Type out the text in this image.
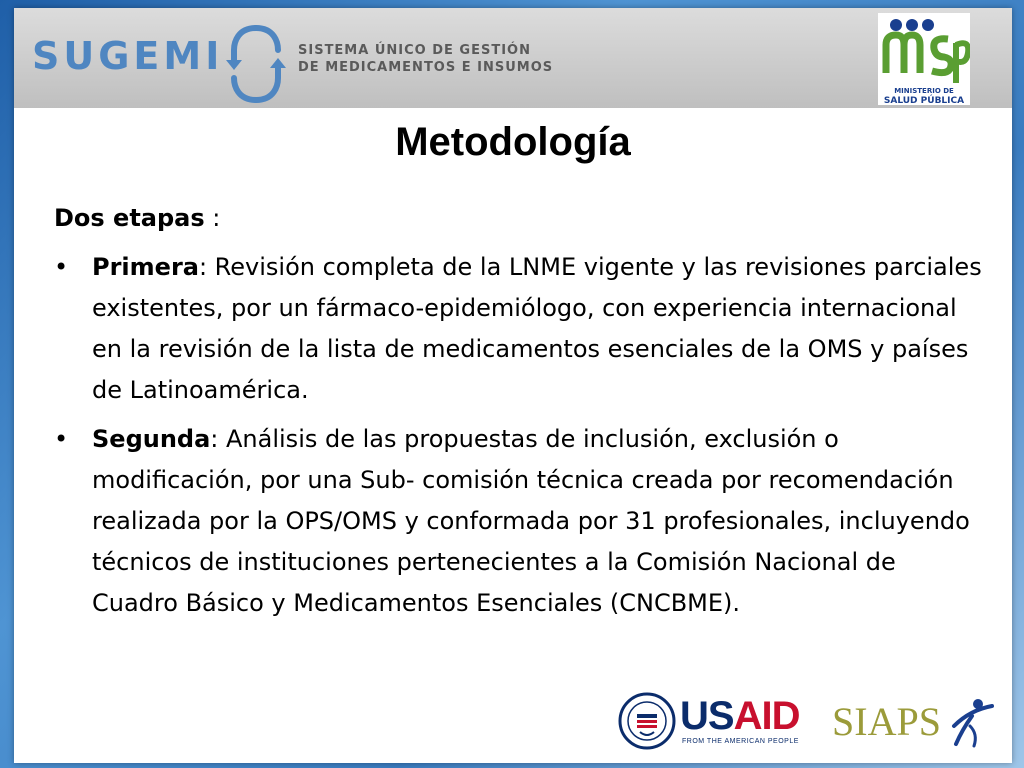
SUGEMI	SISTEMA ÚNICO DE GESTIÓN
DE MEDICAMENTOS E INSUMOS
MINISTERIO DE
SALUD PÚBLICA
Metodología
Dos etapas :
• Primera: Revisión completa de la LNME vigente y las revisiones parciales existentes, por un fármaco-epidemiólogo, con experiencia internacional en la revisión de la lista de medicamentos esenciales de la OMS y países de Latinoamérica.
• Segunda: Análisis de las propuestas de inclusión, exclusión o modificación, por una Sub- comisión técnica creada por recomendación realizada por la OPS/OMS y conformada por 31 profesionales, incluyendo técnicos de instituciones pertenecientes a la Comisión Nacional de Cuadro Básico y Medicamentos Esenciales (CNCBME).
USAID
FROM THE AMERICAN PEOPLE SIAPS
